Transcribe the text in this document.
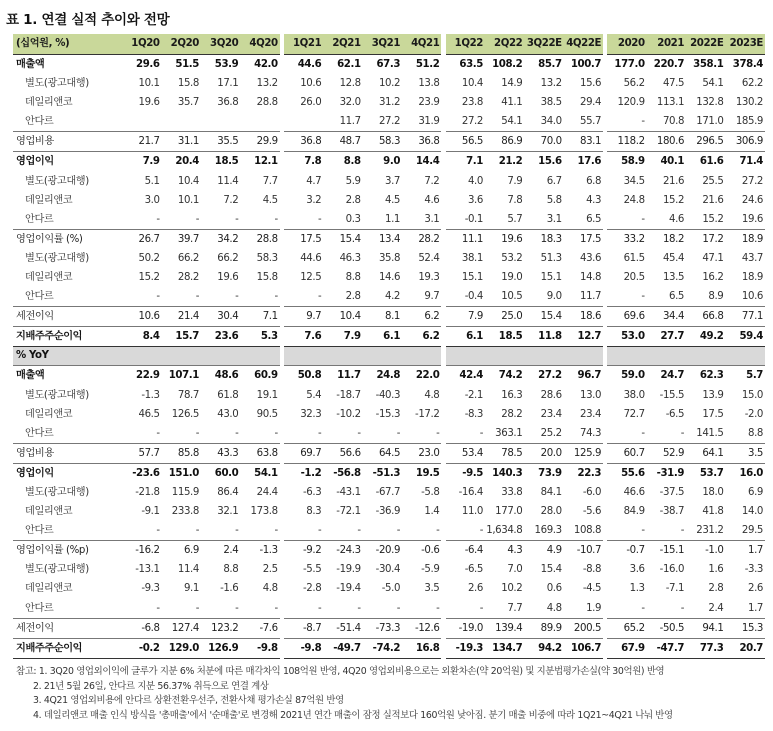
표 1. 연결 실적 추이와 전망
(십억원, %)	1Q20	2Q20	3Q20	4Q20		1Q21	2Q21	3Q21	4Q21		1Q22	2Q22	3Q22E	4Q22E		2020	2021	2022E	2023E
매출액	29.6	51.5	53.9	42.0		44.6	62.1	67.3	51.2		63.5	108.2	85.7	100.7		177.0	220.7	358.1	378.4
별도(광고대행)	10.1	15.8	17.1	13.2		10.6	12.8	10.2	13.8		10.4	14.9	13.2	15.6		56.2	47.5	54.1	62.2
데일리앤코	19.6	35.7	36.8	28.8		26.0	32.0	31.2	23.9		23.8	41.1	38.5	29.4		120.9	113.1	132.8	130.2
안다르							11.7	27.2	31.9		27.2	54.1	34.0	55.7		-	70.8	171.0	185.9
영업비용	21.7	31.1	35.5	29.9		36.8	48.7	58.3	36.8		56.5	86.9	70.0	83.1		118.2	180.6	296.5	306.9
영업이익	7.9	20.4	18.5	12.1		7.8	8.8	9.0	14.4		7.1	21.2	15.6	17.6		58.9	40.1	61.6	71.4
별도(광고대행)	5.1	10.4	11.4	7.7		4.7	5.9	3.7	7.2		4.0	7.9	6.7	6.8		34.5	21.6	25.5	27.2
데일리앤코	3.0	10.1	7.2	4.5		3.2	2.8	4.5	4.6		3.6	7.8	5.8	4.3		24.8	15.2	21.6	24.6
안다르	-	-	-	-		-	0.3	1.1	3.1		-0.1	5.7	3.1	6.5		-	4.6	15.2	19.6
영업이익률 (%)	26.7	39.7	34.2	28.8		17.5	15.4	13.4	28.2		11.1	19.6	18.3	17.5		33.2	18.2	17.2	18.9
별도(광고대행)	50.2	66.2	66.2	58.3		44.6	46.3	35.8	52.4		38.1	53.2	51.3	43.6		61.5	45.4	47.1	43.7
데일리앤코	15.2	28.2	19.6	15.8		12.5	8.8	14.6	19.3		15.1	19.0	15.1	14.8		20.5	13.5	16.2	18.9
안다르	-	-	-	-		-	2.8	4.2	9.7		-0.4	10.5	9.0	11.7		-	6.5	8.9	10.6
세전이익	10.6	21.4	30.4	7.1		9.7	10.4	8.1	6.2		7.9	25.0	15.4	18.6		69.6	34.4	66.8	77.1
지배주주순이익	8.4	15.7	23.6	5.3		7.6	7.9	6.1	6.2		6.1	18.5	11.8	12.7		53.0	27.7	49.2	59.4
% YoY																			
매출액	22.9	107.1	48.6	60.9		50.8	11.7	24.8	22.0		42.4	74.2	27.2	96.7		59.0	24.7	62.3	5.7
별도(광고대행)	-1.3	78.7	61.8	19.1		5.4	-18.7	-40.3	4.8		-2.1	16.3	28.6	13.0		38.0	-15.5	13.9	15.0
데일리앤코	46.5	126.5	43.0	90.5		32.3	-10.2	-15.3	-17.2		-8.3	28.2	23.4	23.4		72.7	-6.5	17.5	-2.0
안다르	-	-	-	-		-	-	-	-		-	363.1	25.2	74.3		-	-	141.5	8.8
영업비용	57.7	85.8	43.3	63.8		69.7	56.6	64.5	23.0		53.4	78.5	20.0	125.9		60.7	52.9	64.1	3.5
영업이익	-23.6	151.0	60.0	54.1		-1.2	-56.8	-51.3	19.5		-9.5	140.3	73.9	22.3		55.6	-31.9	53.7	16.0
별도(광고대행)	-21.8	115.9	86.4	24.4		-6.3	-43.1	-67.7	-5.8		-16.4	33.8	84.1	-6.0		46.6	-37.5	18.0	6.9
데일리앤코	-9.1	233.8	32.1	173.8		8.3	-72.1	-36.9	1.4		11.0	177.0	28.0	-5.6		84.9	-38.7	41.8	14.0
안다르	-	-	-	-		-	-	-	-		-	1,634.8	169.3	108.8		-	-	231.2	29.5
영업이익률 (%p)	-16.2	6.9	2.4	-1.3		-9.2	-24.3	-20.9	-0.6		-6.4	4.3	4.9	-10.7		-0.7	-15.1	-1.0	1.7
별도(광고대행)	-13.1	11.4	8.8	2.5		-5.5	-19.9	-30.4	-5.9		-6.5	7.0	15.4	-8.8		3.6	-16.0	1.6	-3.3
데일리앤코	-9.3	9.1	-1.6	4.8		-2.8	-19.4	-5.0	3.5		2.6	10.2	0.6	-4.5		1.3	-7.1	2.8	2.6
안다르	-	-	-	-		-	-	-	-		-	7.7	4.8	1.9		-	-	2.4	1.7
세전이익	-6.8	127.4	123.2	-7.6		-8.7	-51.4	-73.3	-12.6		-19.0	139.4	89.9	200.5		65.2	-50.5	94.1	15.3
지배주주순이익	-0.2	129.0	126.9	-9.8		-9.8	-49.7	-74.2	16.8		-19.3	134.7	94.2	106.7		67.9	-47.7	77.3	20.7
참고: 1. 3Q20 영업외이익에 글루가 지분 6% 처분에 따른 매각차익 108억원 반영, 4Q20 영업외비용으로는 외환차손(약 20억원) 및 지분법평가손실(약 30억원) 반영
2. 21년 5월 26일, 안다르 지분 56.37% 취득으로 연결 계상
3. 4Q21 영업외비용에 안다르 상환전환우선주, 전환사채 평가손실 87억원 반영
4. 데일리앤코 매출 인식 방식을 '총매출'에서 '순매출'로 변경해 2021년 연간 매출이 잠정 실적보다 160억원 낮아짐. 분기 매출 비중에 따라 1Q21~4Q21 나눠 반영
